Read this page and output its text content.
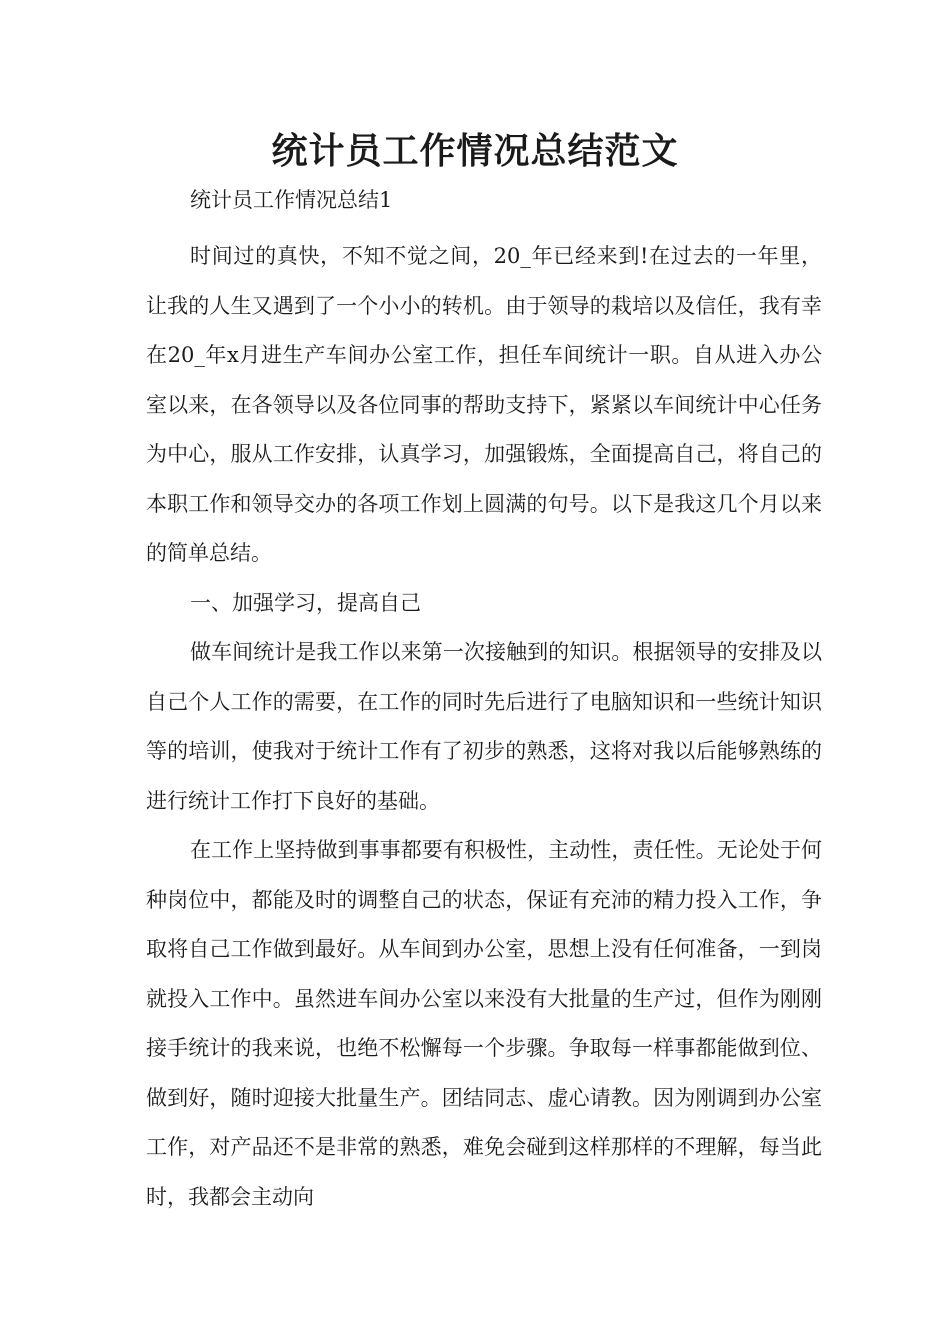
统计员工作情况总结范文

统计员工作情况总结1

时间过的真快，不知不觉之间，20_年已经来到!在过去的一年里，让我的人生又遇到了一个小小的转机。由于领导的栽培以及信任，我有幸在20_年x月进生产车间办公室工作，担任车间统计一职。自从进入办公室以来，在各领导以及各位同事的帮助支持下，紧紧以车间统计中心任务为中心，服从工作安排，认真学习，加强锻炼，全面提高自己，将自己的本职工作和领导交办的各项工作划上圆满的句号。以下是我这几个月以来的简单总结。

一、加强学习，提高自己

做车间统计是我工作以来第一次接触到的知识。根据领导的安排及以自己个人工作的需要，在工作的同时先后进行了电脑知识和一些统计知识等的培训，使我对于统计工作有了初步的熟悉，这将对我以后能够熟练的进行统计工作打下良好的基础。

在工作上坚持做到事事都要有积极性，主动性，责任性。无论处于何种岗位中，都能及时的调整自己的状态，保证有充沛的精力投入工作，争取将自己工作做到最好。从车间到办公室，思想上没有任何准备，一到岗就投入工作中。虽然进车间办公室以来没有大批量的生产过，但作为刚刚接手统计的我来说，也绝不松懈每一个步骤。争取每一样事都能做到位、做到好，随时迎接大批量生产。团结同志、虚心请教。因为刚调到办公室工作，对产品还不是非常的熟悉，难免会碰到这样那样的不理解，每当此时，我都会主动向
